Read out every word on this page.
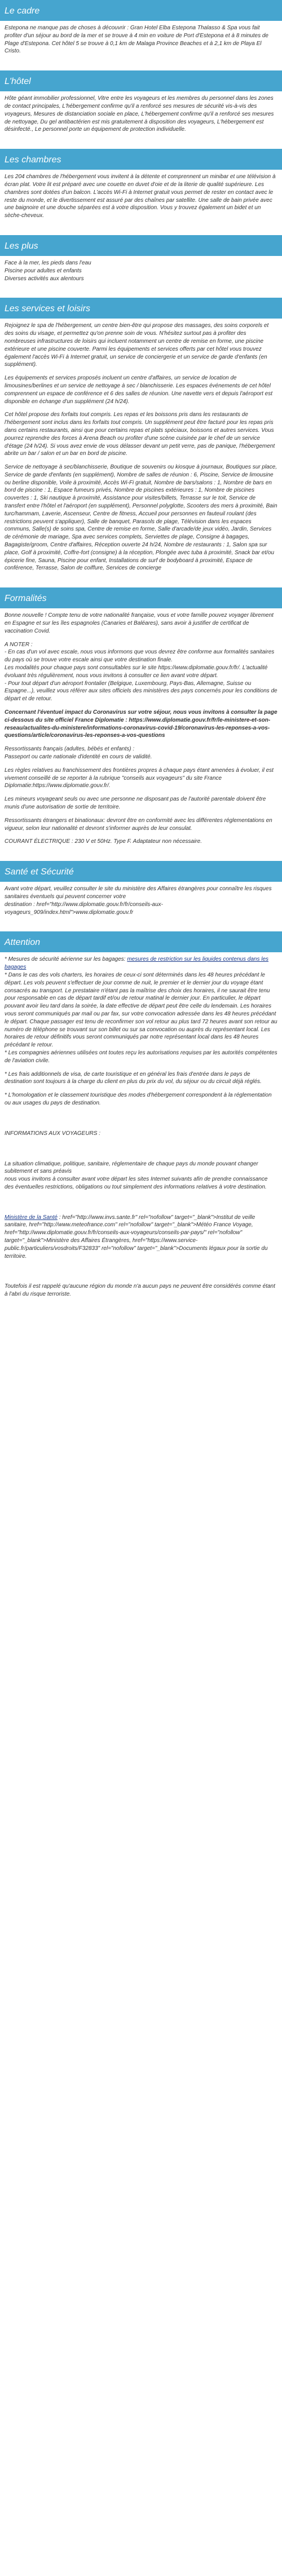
Le cadre

Estepona ne manque pas de choses à découvrir : Gran Hotel Elba Estepona Thalasso & Spa vous fait profiter d'un séjour au bord de la mer et se trouve à 4 min en voiture de Port d'Estepona et à 8 minutes de Plage d'Estepona. Cet hôtel 5 se trouve à 0,1 km de Malaga Province Beaches et à 2,1 km de Playa El Cristo.

L'hôtel

Hôte géant immobilier professionnel, Vitre entre les voyageurs et les membres du personnel dans les zones de contact principales, L'hébergement confirme qu'il a renforcé ses mesures de sécurité vis-à-vis des voyageurs, Mesures de distanciation sociale en place, L'hébergement confirme qu'il a renforcé ses mesures de nettoyage, Du gel antibactérien est mis gratuitement à disposition des voyageurs, L'hébergement est désinfecté., Le personnel porte un équipement de protection individuelle.

Les chambres

Les 204 chambres de l'hébergement vous invitent à la détente et comprennent un minibar et une télévision à écran plat. Votre lit est préparé avec une couette en duvet d'oie et de la literie de qualité supérieure. Les chambres sont dotées d'un balcon. L'accès Wi-Fi à Internet gratuit vous permet de rester en contact avec le reste du monde, et le divertissement est assuré par des chaînes par satellite. Une salle de bain privée avec une baignoire et une douche séparées est à votre disposition. Vous y trouvez également un bidet et un sèche-cheveux.

Les plus

Face à la mer, les pieds dans l'eau
Piscine pour adultes et enfants
Diverses activités aux alentours

Les services et loisirs

Rejoignez le spa de l'hébergement, un centre bien-être qui propose des massages, des soins corporels et des soins du visage, et permettez qu'on prenne soin de vous. N'hésitez surtout pas à profiter des nombreuses infrastructures de loisirs qui incluent notamment un centre de remise en forme, une piscine extérieure et une piscine couverte. Parmi les équipements et services offerts par cet hôtel vous trouvez également l'accès Wi-Fi à Internet gratuit, un service de conciergerie et un service de garde d'enfants (en supplément).

Les équipements et services proposés incluent un centre d'affaires, un service de location de limousines/berlines et un service de nettoyage à sec / blanchisserie. Les espaces événements de cet hôtel comprennent un espace de conférence et 6 des salles de réunion. Une navette vers et depuis l'aéroport est disponible en échange d'un supplément (24 h/24).

Cet hôtel propose des forfaits tout compris. Les repas et les boissons pris dans les restaurants de l'hébergement sont inclus dans les forfaits tout compris. Un supplément peut être facturé pour les repas pris dans certains restaurants, ainsi que pour certains repas et plats spéciaux, boissons et autres services. Vous pourrez reprendre des forces à Arena Beach ou profiter d'une scène cuisinée par le chef de un service d'étage (24 h/24). Si vous avez envie de vous délasser devant un petit verre, pas de panique, l'hébergement abrite un bar / salon et un bar en bord de piscine.

Service de nettoyage à sec/blanchisserie, Boutique de souvenirs ou kiosque à journaux, Boutiques sur place, Service de garde d'enfants (en supplément), Nombre de salles de réunion : 6, Piscine, Service de limousine ou berline disponible, Voile à proximité, Accès Wi-Fi gratuit, Nombre de bars/salons : 1, Nombre de bars en bord de piscine : 1, Espace fumeurs privés, Nombre de piscines extérieures : 1, Nombre de piscines couvertes : 1, Ski nautique à proximité, Assistance pour visites/billets, Terrasse sur le toit, Service de transfert entre l'hôtel et l'aéroport (en supplément), Personnel polyglotte, Scooters des mers à proximité, Bain turc/hammam, Laverie, Ascenseur, Centre de fitness, Accueil pour personnes en fauteuil roulant (des restrictions peuvent s'appliquer), Salle de banquet, Parasols de plage, Télévision dans les espaces communs, Salle(s) de soins spa, Centre de remise en forme, Salle d'arcade/de jeux vidéo, Jardin, Services de cérémonie de mariage, Spa avec services complets, Serviettes de plage, Consigne à bagages, Bagagiste/groom, Centre d'affaires, Réception ouverte 24 h/24, Nombre de restaurants : 1, Salon spa sur place, Golf à proximité, Coffre-fort (consigne) à la réception, Plongée avec tuba à proximité, Snack bar et/ou épicerie fine, Sauna, Piscine pour enfant, Installations de surf de bodyboard à proximité, Espace de conférence, Terrasse, Salon de coiffure, Services de concierge

Formalités

Bonne nouvelle ! Compte tenu de votre nationalité française, vous et votre famille pouvez voyager librement en Espagne et sur les îles espagnoles (Canaries et Baléares), sans avoir à justifier de certificat de vaccination Covid.

A NOTER :
- En cas d'un vol avec escale, nous vous informons que vous devrez être conforme aux formalités sanitaires du pays où se trouve votre escale ainsi que votre destination finale.
Les modalités pour chaque pays sont consultables sur le site https://www.diplomatie.gouv.fr/fr/. L'actualité évoluant très régulièrement, nous vous invitons à consulter ce lien avant votre départ.
- Pour tout départ d'un aéroport frontalier (Belgique, Luxembourg, Pays-Bas, Allemagne, Suisse ou Espagne...), veuillez vous référer aux sites officiels des ministères des pays concernés pour les conditions de départ et de retour.

Concernant l'éventuel impact du Coronavirus sur votre séjour, nous vous invitons à consulter la page ci-dessous du site officiel France Diplomatie : https://www.diplomatie.gouv.fr/fr/le-ministere-et-son-reseau/actualites-du-ministere/informations-coronavirus-covid-19/coronavirus-les-reponses-a-vos-questions/article/coronavirus-les-reponses-a-vos-questions

Ressortissants français (adultes, bébés et enfants) :
Passeport ou carte nationale d'identité en cours de validité.

Les règles relatives au franchissement des frontières propres à chaque pays étant amenées à évoluer, il est vivement conseillé de se reporter à la rubrique "conseils aux voyageurs" du site France Diplomatie:https://www.diplomatie.gouv.fr/.

Les mineurs voyageant seuls ou avec une personne ne disposant pas de l'autorité parentale doivent être munis d'une autorisation de sortie de territoire.

Ressortissants étrangers et binationaux: devront être en conformité avec les différentes réglementations en vigueur, selon leur nationalité et devront s'informer auprès de leur consulat.

COURANT ÉLECTRIQUE : 230 V et 50Hz. Type F. Adaptateur non nécessaire.

Santé et Sécurité

Avant votre départ, veuillez consulter le site du ministère des Affaires étrangères pour connaître les risques sanitaires éventuels qui peuvent concerner votre
destination : href="http://www.diplomatie.gouv.fr/fr/conseils-aux-voyageurs_909/index.html">www.diplomatie.gouv.fr

Attention

* Mesures de sécurité aérienne sur les bagages: mesures de restriction sur les liquides contenus dans les bagages

* Dans le cas des vols charters, les horaires de ceux-ci sont déterminés dans les 48 heures précédant le départ. Les vols peuvent s'effectuer de jour comme de nuit, le premier et le dernier jour du voyage étant consacrés au transport. Le prestataire n'étant pas la maîtrise des choix des horaires, il ne saurait être tenu pour responsable en cas de départ tardif et/ou de retour matinal le dernier jour. En particulier, le départ pouvant avoir lieu tard dans la soirée, la date effective de départ peut être celle du lendemain. Les horaires vous seront communiqués par mail ou par fax, sur votre convocation adressée dans les 48 heures précédant le départ. Chaque passager est tenu de reconfirmer son vol retour au plus tard 72 heures avant son retour au numéro de téléphone se trouvant sur son billet ou sur sa convocation ou auprès du représentant local. Les horaires de retour définitifs vous seront communiqués par notre représentant local dans les 48 heures précédant le retour.
* Les compagnies aériennes utilisées ont toutes reçu les autorisations requises par les autorités compétentes de l'aviation civile.

* Les frais additionnels de visa, de carte touristique et en général les frais d'entrée dans le pays de destination sont toujours à la charge du client en plus du prix du vol, du séjour ou du circuit déjà réglés.

* L'homologation et le classement touristique des modes d'hébergement correspondent à la réglementation ou aux usages du pays de destination.

INFORMATIONS AUX VOYAGEURS :

La situation climatique, politique, sanitaire, réglementaire de chaque pays du monde pouvant changer subitement et sans préavis
nous vous invitons à consulter avant votre départ les sites Internet suivants afin de prendre connaissance des éventuelles restrictions, obligations ou tout simplement des informations relatives à votre destination.

Ministère de la Santé : href="http://www.invs.sante.fr" rel="nofollow" target="_blank">Institut de veille sanitaire, href="http://www.meteofrance.com" rel="nofollow" target="_blank">Météo France Voyage, href="http://www.diplomatie.gouv.fr/fr/conseils-aux-voyageurs/conseils-par-pays/" rel="nofollow" target="_blank">Ministère des Affaires Étrangères, href="https://www.service-public.fr/particuliers/vosdroits/F32833" rel="nofollow" target="_blank">Documents légaux pour la sortie du territoire.

Toutefois il est rappelé qu'aucune région du monde n'a aucun pays ne peuvent être considérés comme étant à l'abri du risque terroriste.
